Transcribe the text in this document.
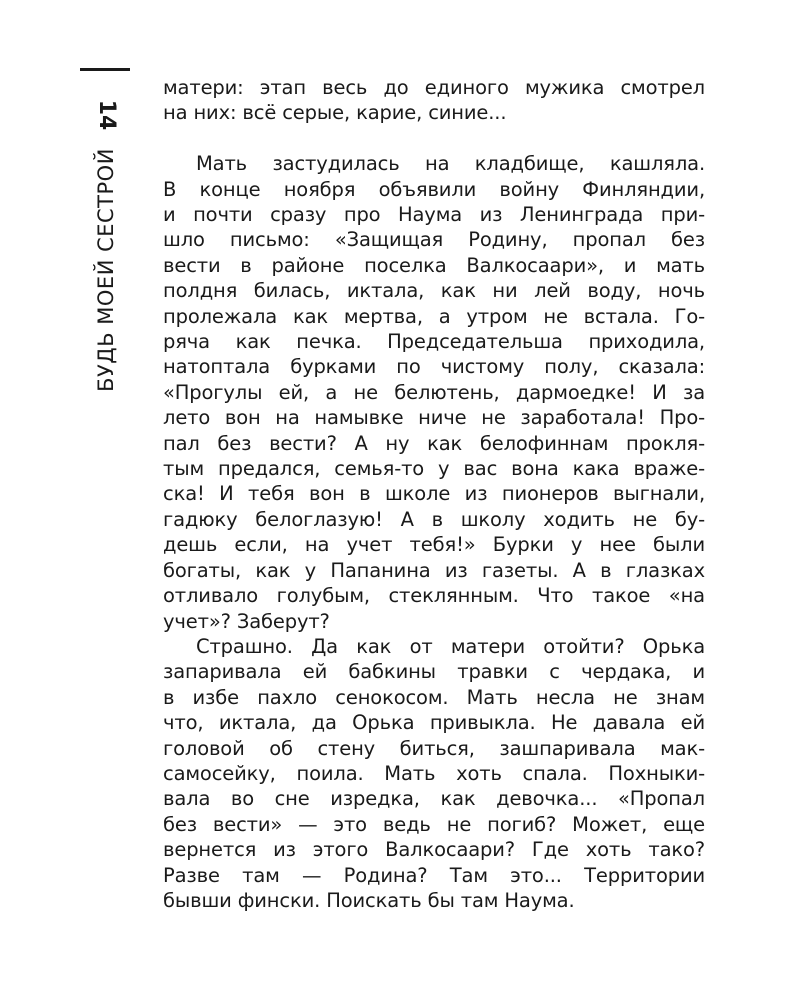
14
БУДЬ МОЕЙ СЕСТРОЙ

матери: этап весь до единого мужика смотрел
на них: всё серые, карие, синие...

Мать застудилась на кладбище, кашляла.
В конце ноября объявили войну Финляндии,
и почти сразу про Наума из Ленинграда при-
шло письмо: «Защищая Родину, пропал без
вести в районе поселка Валкосаари», и мать
полдня билась, иктала, как ни лей воду, ночь
пролежала как мертва, а утром не встала. Го-
ряча как печка. Председательша приходила,
натоптала бурками по чистому полу, сказала:
«Прогулы ей, а не белютень, дармоедке! И за
лето вон на намывке ниче не заработала! Про-
пал без вести? А ну как белофиннам прокля-
тым предался, семья-то у вас вона кака враже-
ска! И тебя вон в школе из пионеров выгнали,
гадюку белоглазую! А в школу ходить не бу-
дешь если, на учет тебя!» Бурки у нее были
богаты, как у Папанина из газеты. А в глазках
отливало голубым, стеклянным. Что такое «на
учет»? Заберут?

Страшно. Да как от матери отойти? Орька
запаривала ей бабкины травки с чердака, и
в избе пахло сенокосом. Мать несла не знам
что, иктала, да Орька привыкла. Не давала ей
головой об стену биться, зашпаривала мак-
самосейку, поила. Мать хоть спала. Похныки-
вала во сне изредка, как девочка... «Пропал
без вести» — это ведь не погиб? Может, еще
вернется из этого Валкосаари? Где хоть тако?
Разве там — Родина? Там это... Территории
бывши фински. Поискать бы там Наума.
